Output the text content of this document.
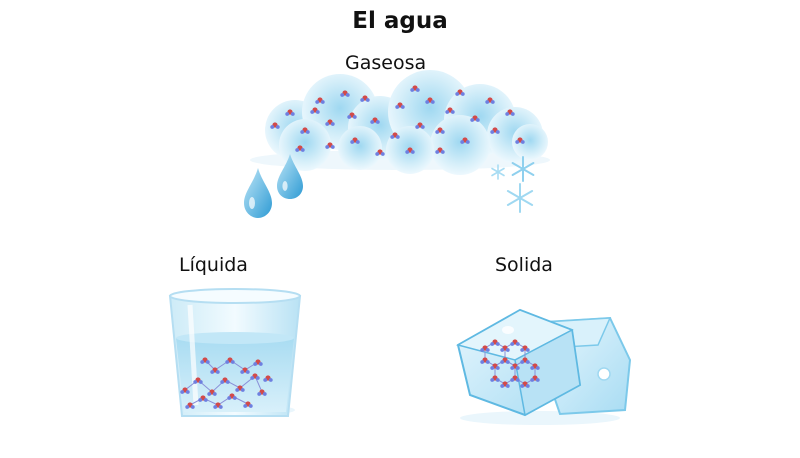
El agua
Gaseosa
Líquida	Solida
